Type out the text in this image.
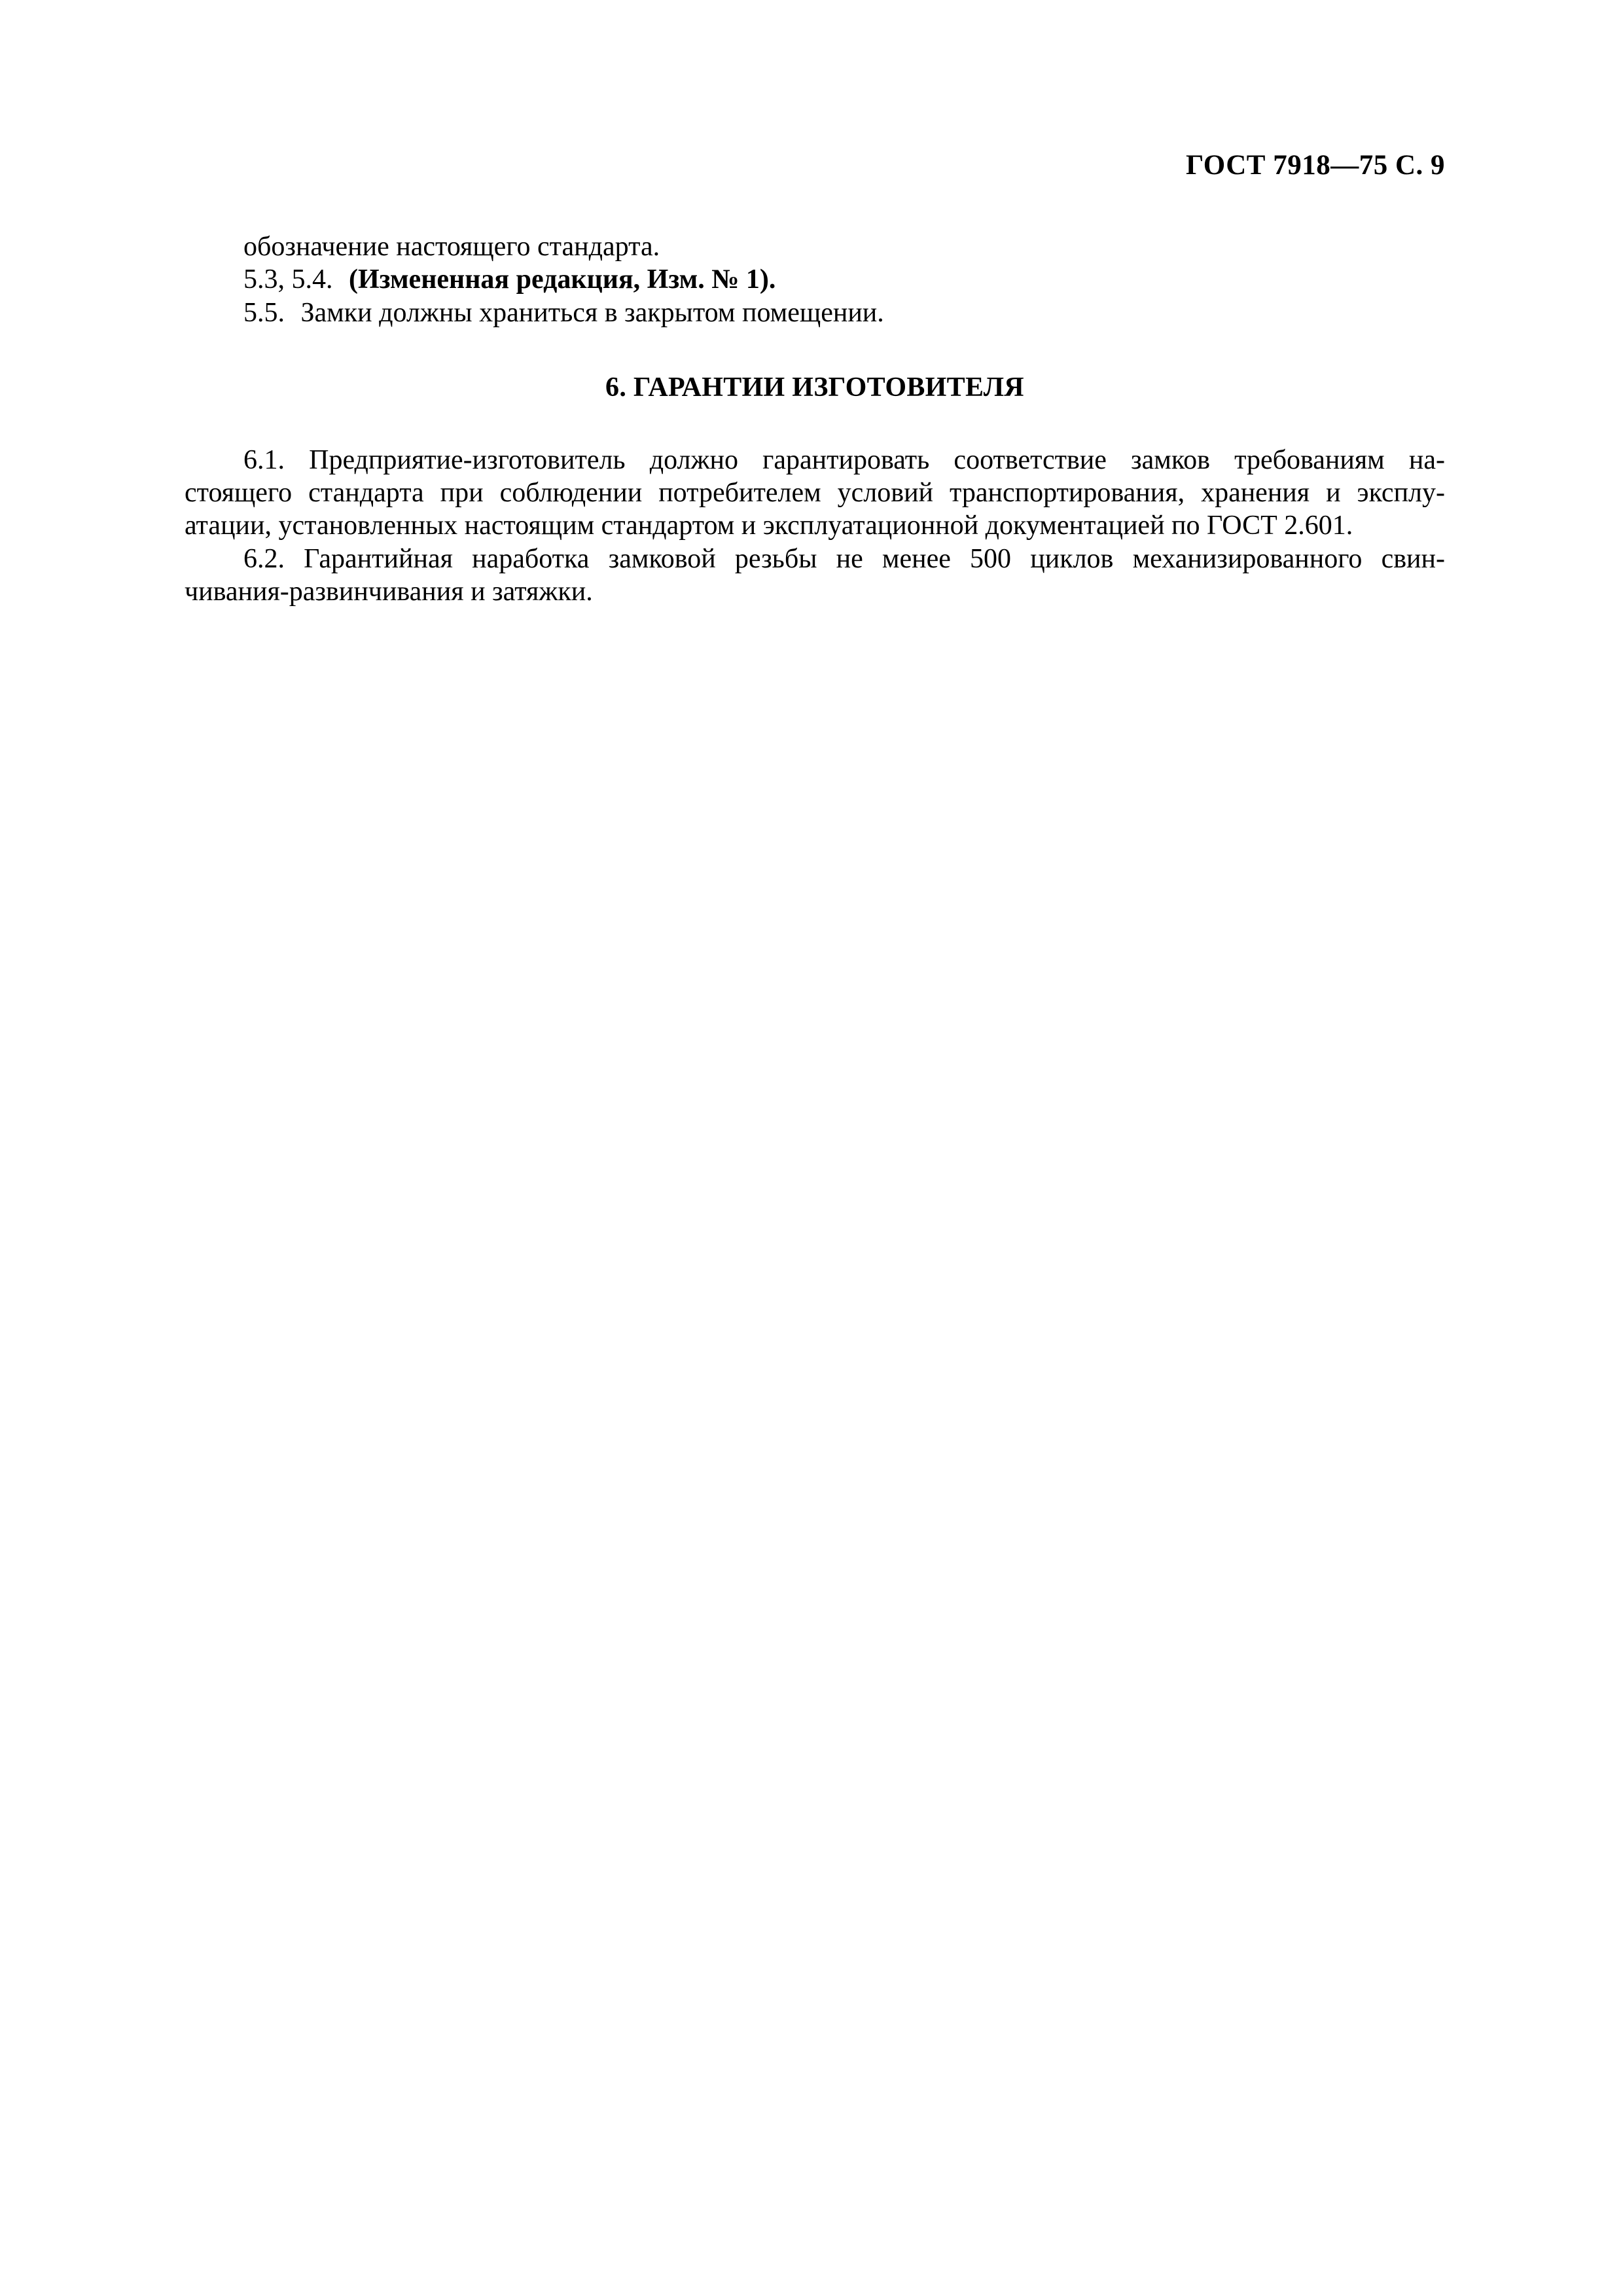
ГОСТ 7918—75 С. 9
обозначение настоящего стандарта.
5.3, 5.4. (Измененная редакция, Изм. № 1).
5.5. Замки должны храниться в закрытом помещении.
6. ГАРАНТИИ ИЗГОТОВИТЕЛЯ
6.1. Предприятие-изготовитель должно гарантировать соответствие замков требованиям на-
стоящего стандарта при соблюдении потребителем условий транспортирования, хранения и эксплу-
атации, установленных настоящим стандартом и эксплуатационной документацией по ГОСТ 2.601.
6.2. Гарантийная наработка замковой резьбы не менее 500 циклов механизированного свин-
чивания-развинчивания и затяжки.
